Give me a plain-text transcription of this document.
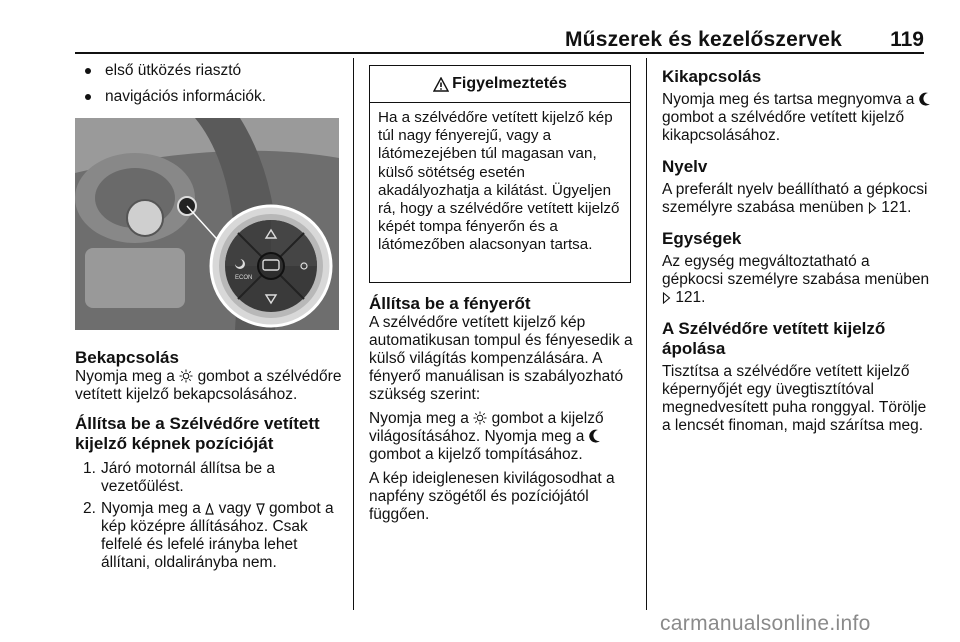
Műszerek és kezelőszervek 119
első ütközés riasztó
navigációs információk.
ECON

Bekapcsolás

Nyomja meg a gombot a szélvédőre vetített kijelző bekapcsolásához.

Állítsa be a Szélvédőre vetített kijelző képnek pozícióját

1. Járó motornál állítsa be a vezetőülést.
2. Nyomja meg a vagy gombot a kép középre állításához. Csak felfelé és lefelé irányba lehet állítani, oldalirányba nem.
Figyelmeztetés
Ha a szélvédőre vetített kijelző kép túl nagy fényerejű, vagy a látómezejében túl magasan van, külső sötétség esetén akadályozhatja a kilátást. Ügyeljen rá, hogy a szélvédőre vetített kijelző képét tompa fényerőn és a látómezőben alacsonyan tartsa.

Állítsa be a fényerőt

A szélvédőre vetített kijelző kép automatikusan tompul és fényesedik a külső világítás kompenzálására. A fényerő manuálisan is szabályozható szükség szerint:

Nyomja meg a gombot a kijelző világosításához. Nyomja meg a  gombot a kijelző tompításához.

A kép ideiglenesen kivilágosodhat a napfény szögétől és pozíciójától függően.

Kikapcsolás

Nyomja meg és tartsa megnyomva a  gombot a szélvédőre vetített kijelző kikapcsolásához.

Nyelv

A preferált nyelv beállítható a gépkocsi személyre szabása menüben 121.

Egységek

Az egység megváltoztatható a gépkocsi személyre szabása menüben  121.

A Szélvédőre vetített kijelző ápolása

Tisztítsa a szélvédőre vetített kijelző képernyőjét egy üvegtisztítóval megnedvesített puha ronggyal. Törölje a lencsét finoman, majd szárítsa meg.

carmanualsonline.info
